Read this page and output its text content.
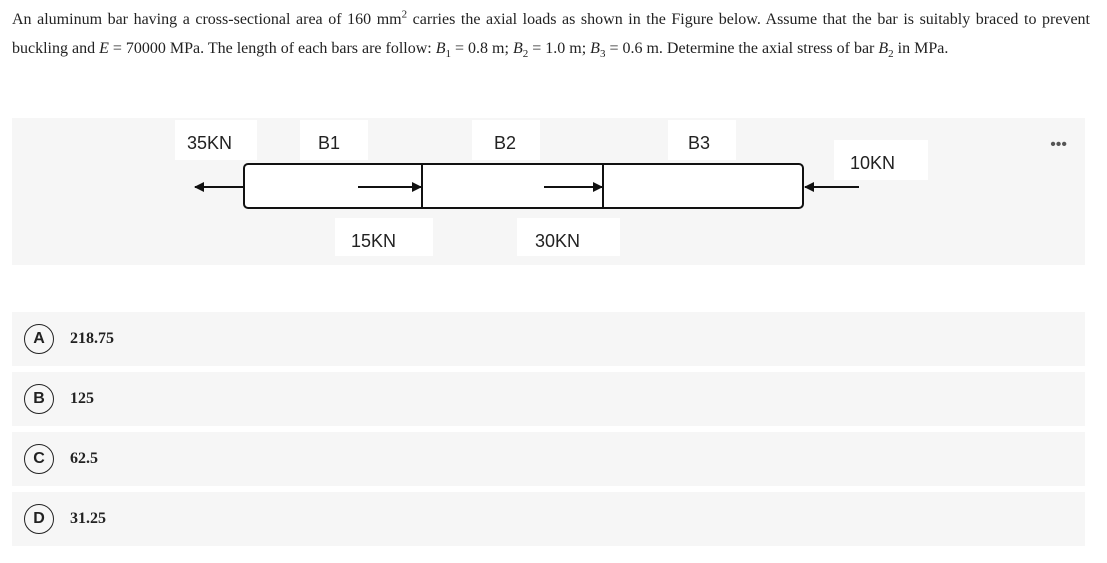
An aluminum bar having a cross-sectional area of 160 $mm^2$ carries the axial loads as shown in the Figure below. Assume that the bar is suitably braced to prevent buckling and E = 70000 MPa. The length of each bars are follow: $B_1 = 0.8$ m; $B_2 = 1.0$ m; $B_3 = 0.6$ m. Determine the axial stress of bar $B_2$ in MPa.
35KN	B1	B2	B3
10KN
15KN	30KN
•••
A	218.75
B	125
C	62.5
D	31.25
